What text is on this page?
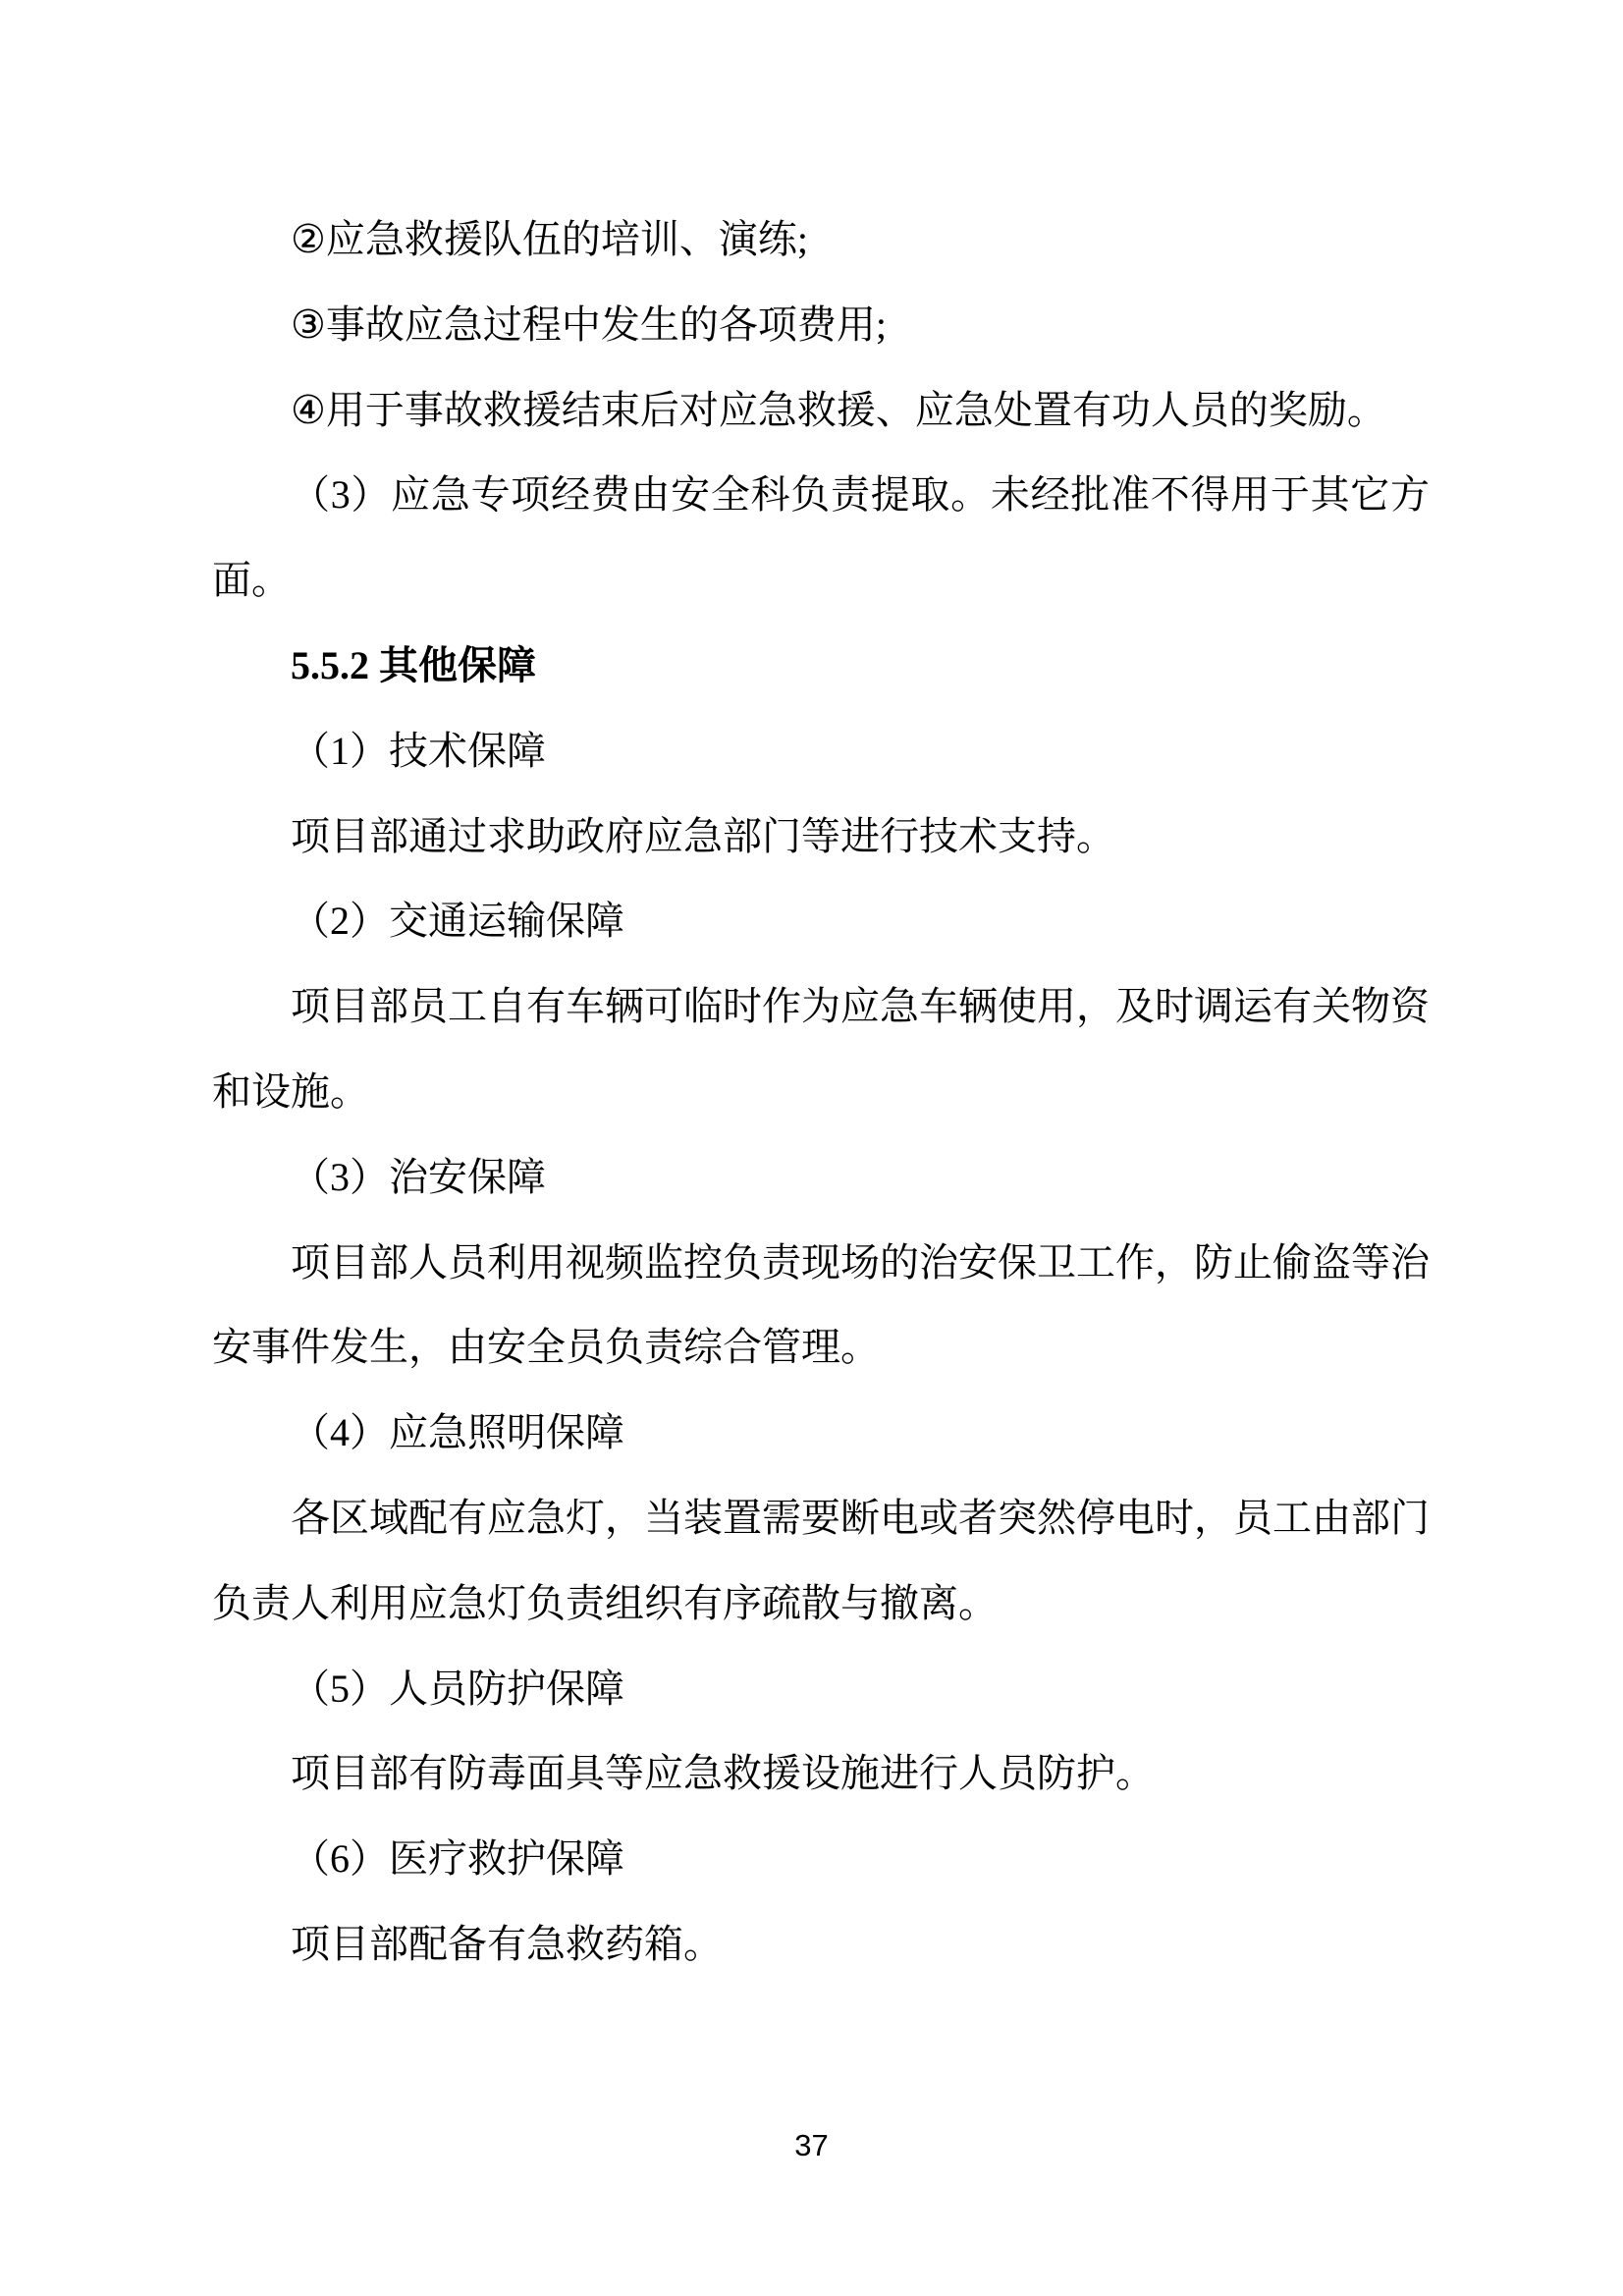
②应急救援队伍的培训、演练;
③事故应急过程中发生的各项费用;
④用于事故救援结束后对应急救援、应急处置有功人员的奖励。
（3）应急专项经费由安全科负责提取。未经批准不得用于其它方
面。
5.5.2 其他保障
（1）技术保障
项目部通过求助政府应急部门等进行技术支持。
（2）交通运输保障
项目部员工自有车辆可临时作为应急车辆使用，及时调运有关物资
和设施。
（3）治安保障
项目部人员利用视频监控负责现场的治安保卫工作，防止偷盗等治
安事件发生，由安全员负责综合管理。
（4）应急照明保障
各区域配有应急灯，当装置需要断电或者突然停电时，员工由部门
负责人利用应急灯负责组织有序疏散与撤离。
（5）人员防护保障
项目部有防毒面具等应急救援设施进行人员防护。
（6）医疗救护保障
项目部配备有急救药箱。
37
